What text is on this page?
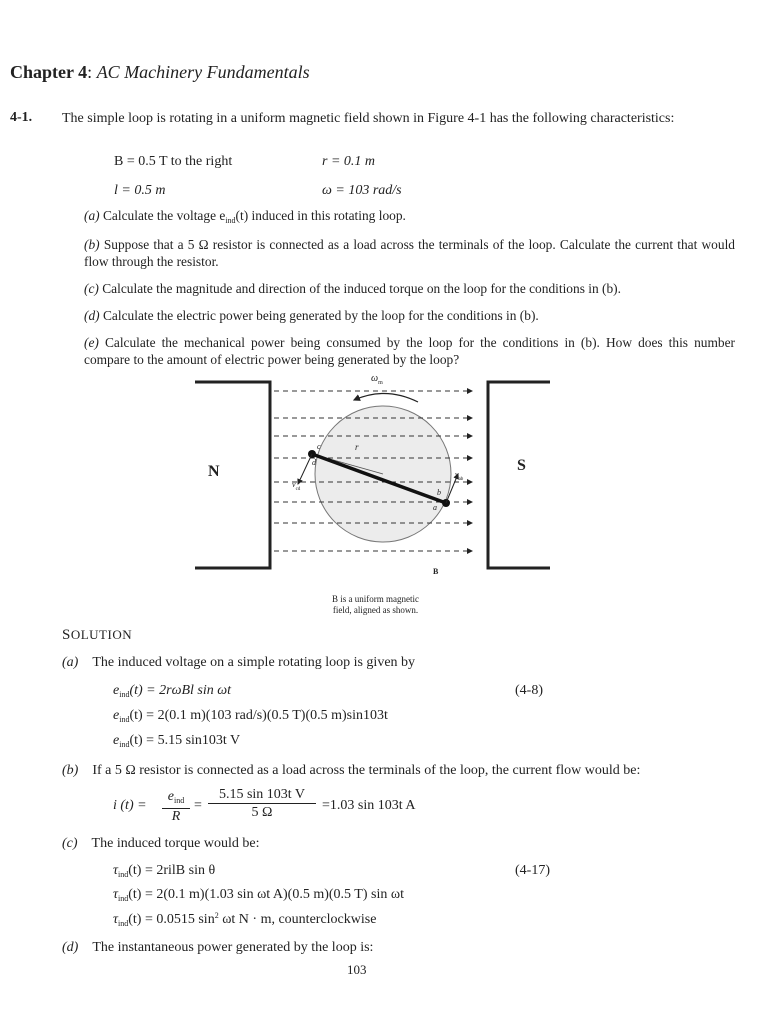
Chapter 4: AC Machinery Fundamentals
4-1. The simple loop is rotating in a uniform magnetic field shown in Figure 4-1 has the following characteristics:
B = 0.5 T to the right	r = 0.1 m
l = 0.5 m	ω = 103 rad/s
(a) Calculate the voltage $e_{ind}(t)$ induced in this rotating loop.
(b) Suppose that a 5 Ω resistor is connected as a load across the terminals of the loop. Calculate the current that would flow through the resistor.
(c) Calculate the magnitude and direction of the induced torque on the loop for the conditions in (b).
(d) Calculate the electric power being generated by the loop for the conditions in (b).
(e) Calculate the mechanical power being consumed by the loop for the conditions in (b). How does this number compare to the amount of electric power being generated by the loop?
N	S
$\omega_m$
r
c
d
b
a
$v_{cd}$
$v_{ab}$
B
B is a uniform magnetic
field, aligned as shown.
SOLUTION
(a) The induced voltage on a simple rotating loop is given by
$e_{ind}(t) = 2r\omega Bl$ sin ωt	(4-8)
$e_{ind}(t) = 2(0.1$ m)(103 rad/s)(0.5 T)(0.5 m)sin103t
$e_{ind}(t) = 5.15$ sin103t V
(b) If a 5 Ω resistor is connected as a load across the terminals of the loop, the current flow would be:
i (t) =
$e_{ind}$
R
=
5.15 sin 103t V
5 Ω	=1.03 sin 103t A
(c) The induced torque would be:
$\tau_{ind}(t)$ = 2rilB sin θ	(4-17)
$\tau_{ind}(t) = 2(0.1$ m)(1.03 sin ωt A)(0.5 m)(0.5 T) sin ωt
$\tau_{ind}(t) = 0.0515$ $\sin^2 \omega t$ N · m, counterclockwise
(d) The instantaneous power generated by the loop is:
103
